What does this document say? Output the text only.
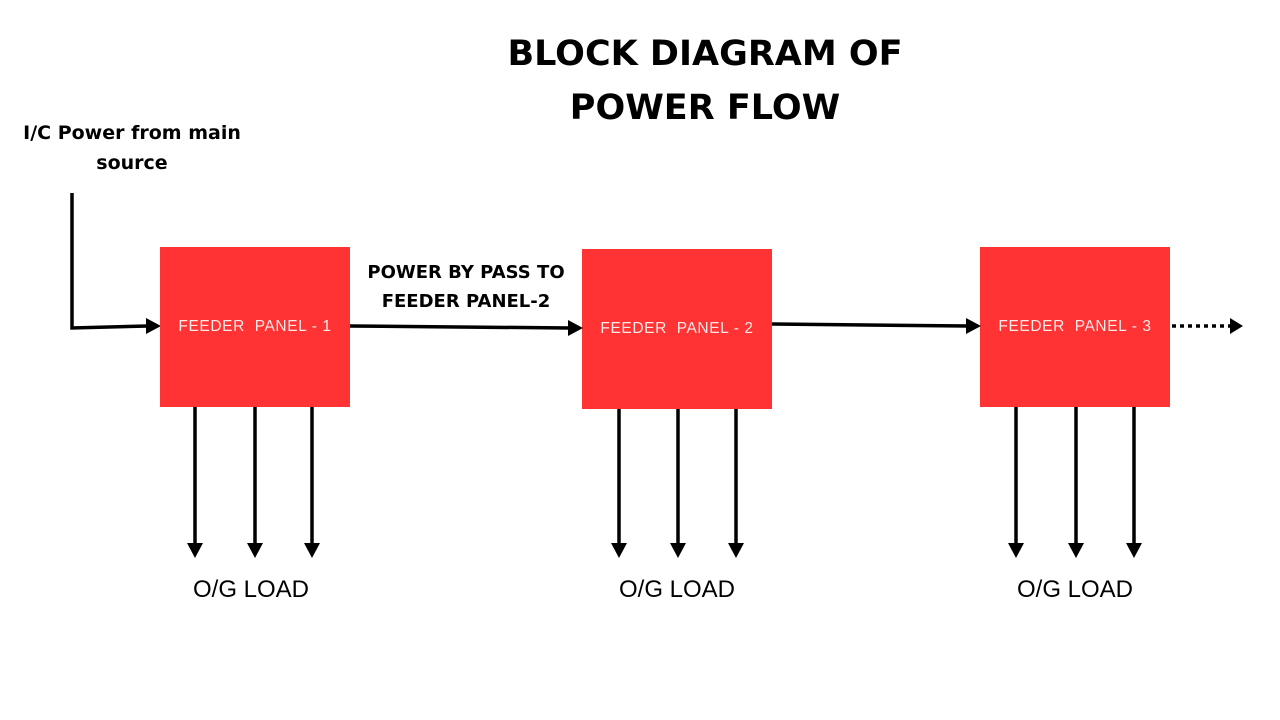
BLOCK DIAGRAM OF
POWER FLOW
I/C Power from main
source
FEEDER  PANEL - 1	FEEDER  PANEL - 2	FEEDER  PANEL - 3
POWER BY PASS TO
FEEDER PANEL-2
O/G LOAD	O/G LOAD	O/G LOAD
